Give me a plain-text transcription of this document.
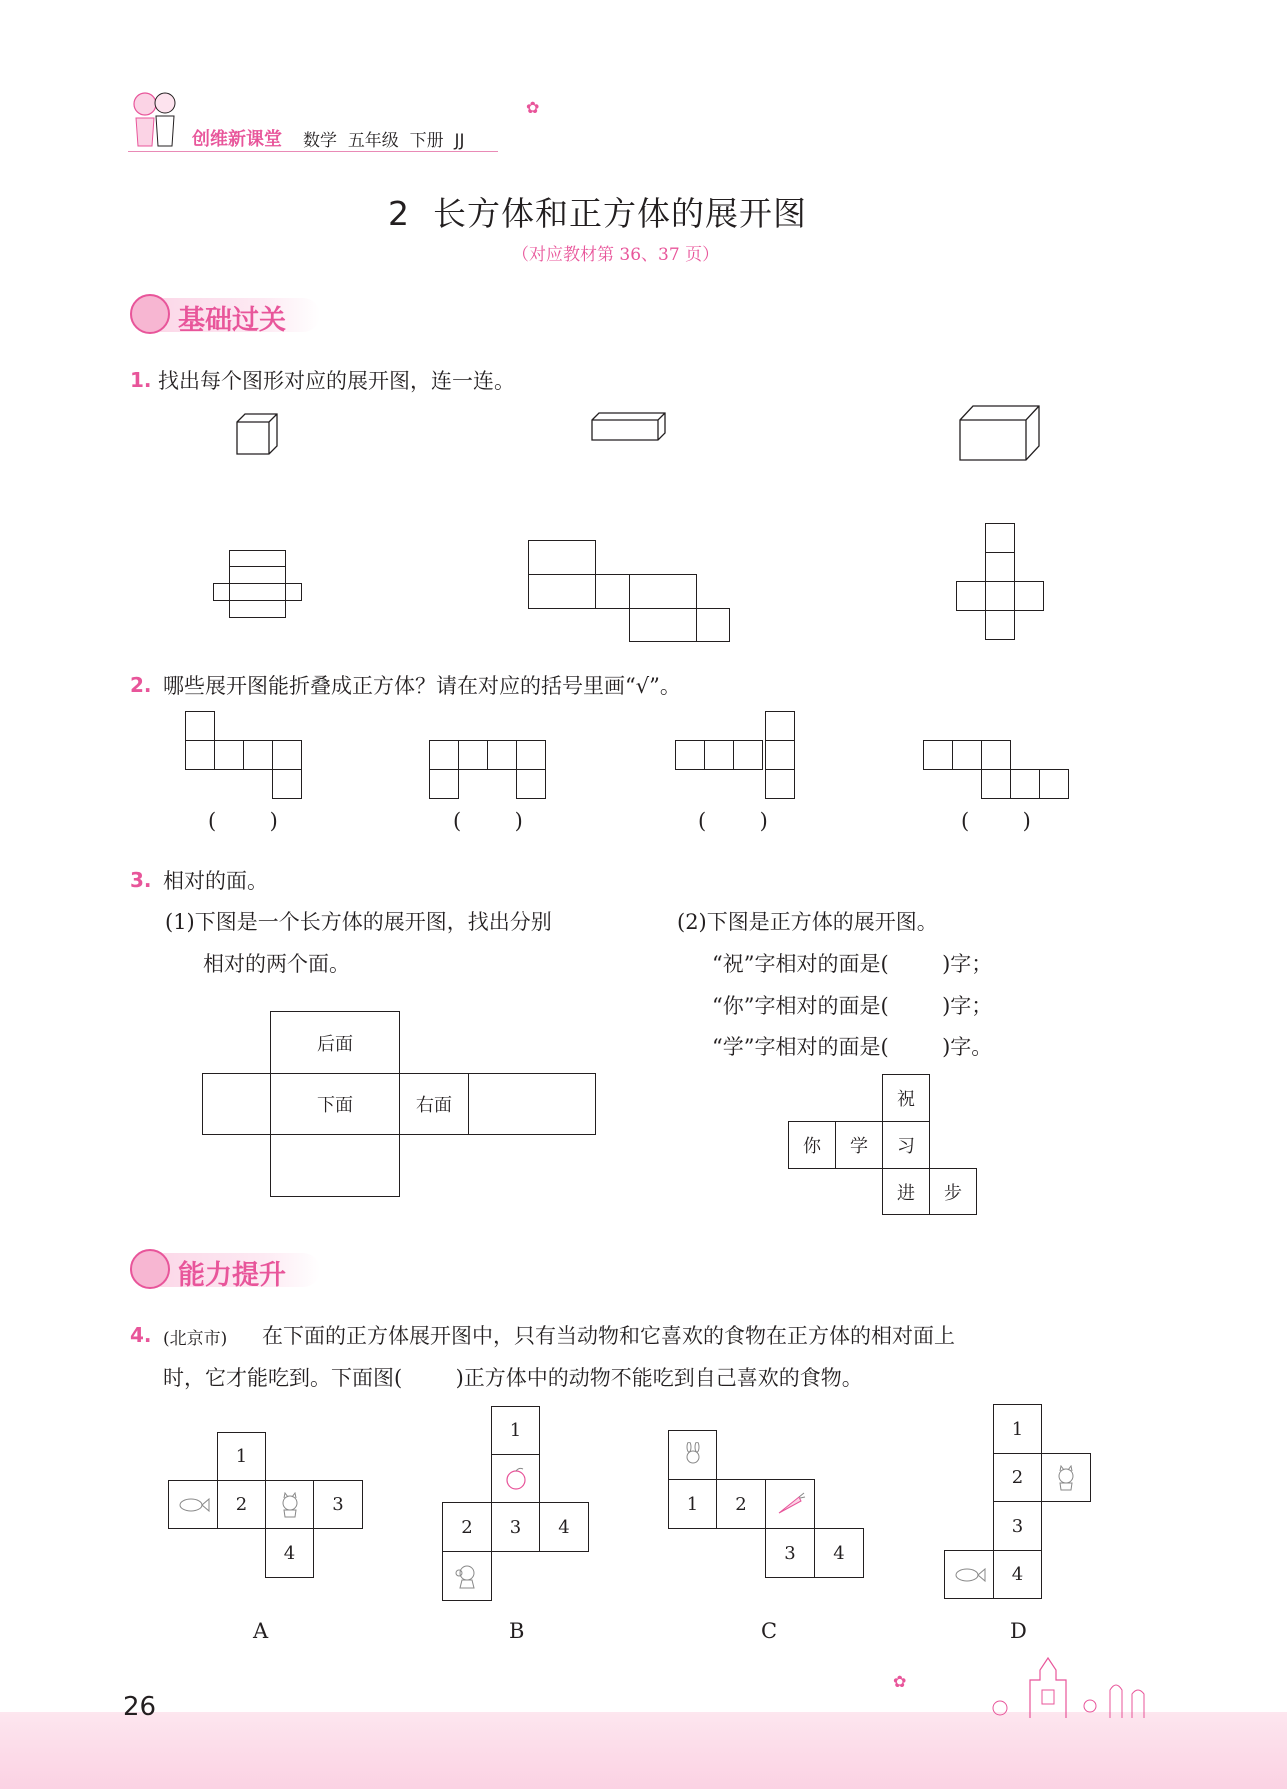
创维新课堂 数学 五年级 下册 JJ
✿
2  长方体和正方体的展开图
（对应教材第 36、37 页）
基础过关
1. 找出每个图形对应的展开图，连一连。
2. 哪些展开图能折叠成正方体？请在对应的括号里画“√”。
(        )	(        )	(        )	(        )
3. 相对的面。
(1)下图是一个长方体的展开图，找出分别
相对的两个面。
(2)下图是正方体的展开图。
“祝”字相对的面是(        )字；
“你”字相对的面是(        )字；
“学”字相对的面是(        )字。
后面
下面	右面	祝
你 学 习
进 步
能力提升
4. (北京市) 在下面的正方体展开图中，只有当动物和它喜欢的食物在正方体的相对面上
时，它才能吃到。下面图(        )正方体中的动物不能吃到自己喜欢的食物。
1
2	3
4
1
2 3 4
1 2
3 4
1
2
3
4
A	B	C	D
26
✿
